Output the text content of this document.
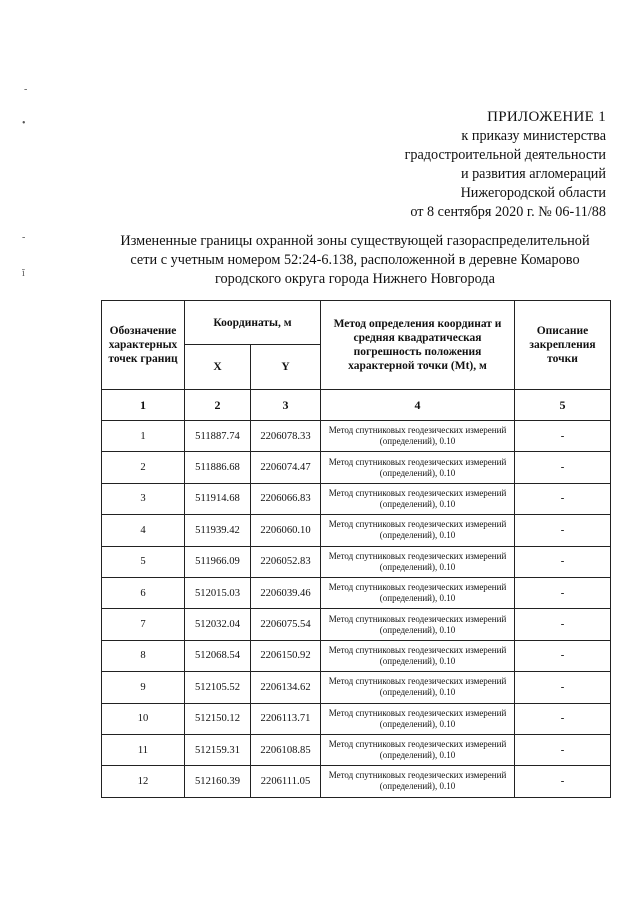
-
•
-
ĭ
ПРИЛОЖЕНИЕ 1
к приказу министерства
градостроительной деятельности
и развития агломераций
Нижегородской области
от 8 сентября 2020 г. № 06-11/88
Измененные границы охранной зоны существующей газораспределительной
сети с учетным номером 52:24-6.138, расположенной в деревне Комарово
городского округа города Нижнего Новгорода
Обозначение характерных точек границ	Координаты, м		Метод определения координат и средняя квадратическая погрешность положения характерной точки (Mt), м	Описание закрепления точки
	X	Y		
1	2	3	4	5
1	511887.74	2206078.33	Метод спутниковых геодезических измерений (определений), 0.10	-
2	511886.68	2206074.47	Метод спутниковых геодезических измерений (определений), 0.10	-
3	511914.68	2206066.83	Метод спутниковых геодезических измерений (определений), 0.10	-
4	511939.42	2206060.10	Метод спутниковых геодезических измерений (определений), 0.10	-
5	511966.09	2206052.83	Метод спутниковых геодезических измерений (определений), 0.10	-
6	512015.03	2206039.46	Метод спутниковых геодезических измерений (определений), 0.10	-
7	512032.04	2206075.54	Метод спутниковых геодезических измерений (определений), 0.10	-
8	512068.54	2206150.92	Метод спутниковых геодезических измерений (определений), 0.10	-
9	512105.52	2206134.62	Метод спутниковых геодезических измерений (определений), 0.10	-
10	512150.12	2206113.71	Метод спутниковых геодезических измерений (определений), 0.10	-
11	512159.31	2206108.85	Метод спутниковых геодезических измерений (определений), 0.10	-
12	512160.39	2206111.05	Метод спутниковых геодезических измерений (определений), 0.10	-
